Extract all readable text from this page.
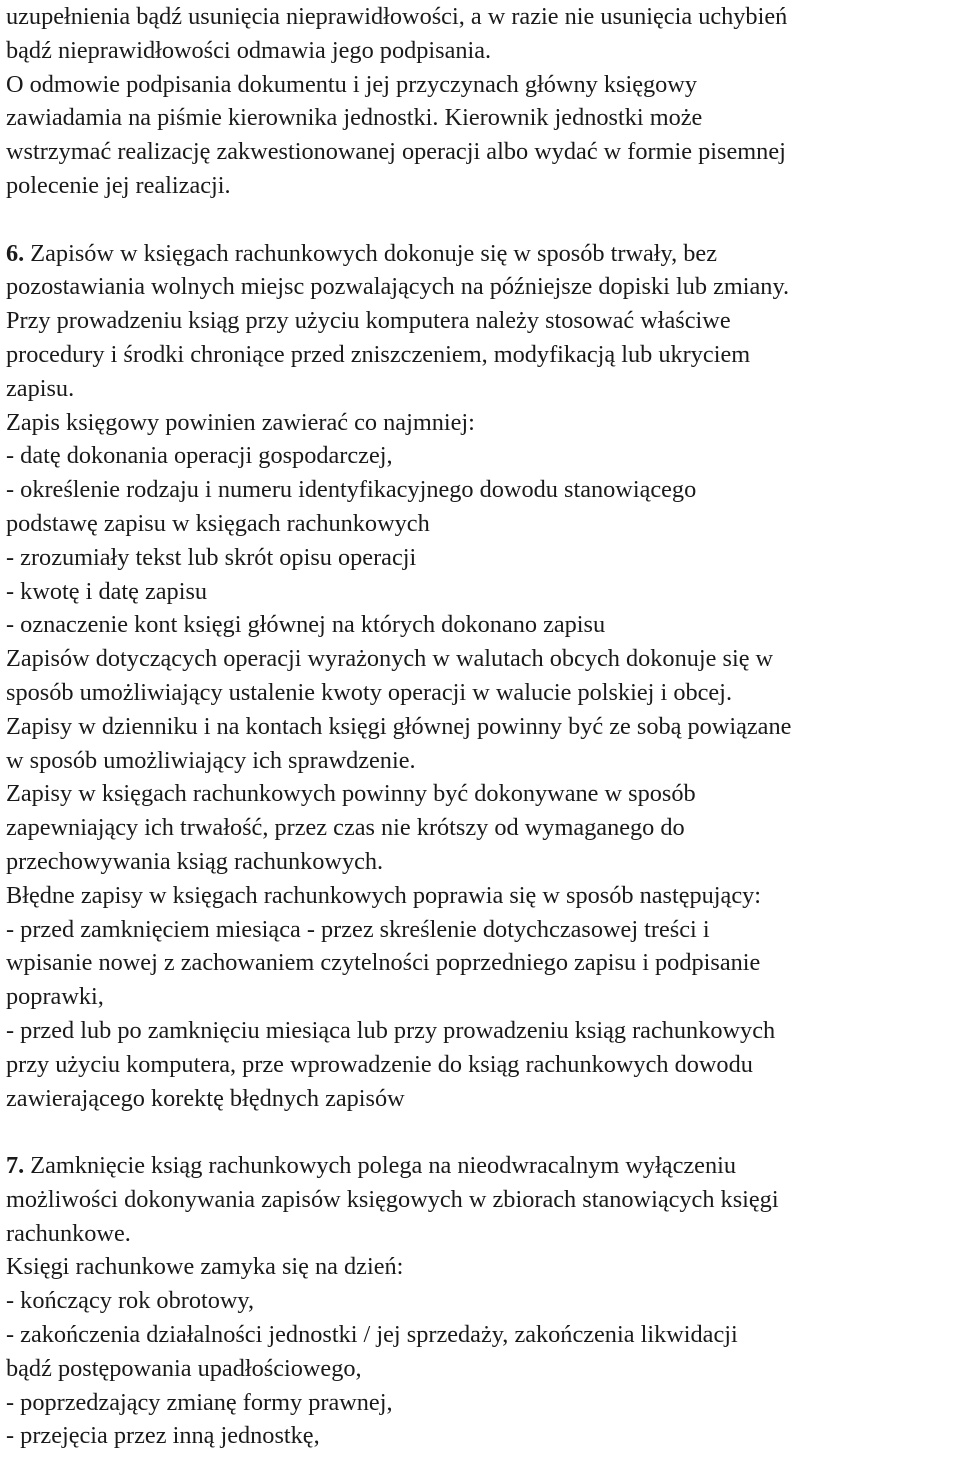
uzupełnienia bądź usunięcia nieprawidłowości, a w razie nie usunięcia uchybień
bądź nieprawidłowości odmawia jego podpisania.
O odmowie podpisania dokumentu i jej przyczynach główny księgowy
zawiadamia na piśmie kierownika jednostki. Kierownik jednostki może
wstrzymać realizację zakwestionowanej operacji albo wydać w formie pisemnej
polecenie jej realizacji.
6. Zapisów w księgach rachunkowych dokonuje się w sposób trwały, bez
pozostawiania wolnych miejsc pozwalających na późniejsze dopiski lub zmiany.
Przy prowadzeniu ksiąg przy użyciu komputera należy stosować właściwe
procedury i środki chroniące przed zniszczeniem, modyfikacją lub ukryciem
zapisu.
Zapis księgowy powinien zawierać co najmniej:
- datę dokonania operacji gospodarczej,
- określenie rodzaju i numeru identyfikacyjnego dowodu stanowiącego
podstawę zapisu w księgach rachunkowych
- zrozumiały tekst lub skrót opisu operacji
- kwotę i datę zapisu
- oznaczenie kont księgi głównej na których dokonano zapisu
Zapisów dotyczących operacji wyrażonych w walutach obcych dokonuje się w
sposób umożliwiający ustalenie kwoty operacji w walucie polskiej i obcej.
Zapisy w dzienniku i na kontach księgi głównej powinny być ze sobą powiązane
w sposób umożliwiający ich sprawdzenie.
Zapisy w księgach rachunkowych powinny być dokonywane w sposób
zapewniający ich trwałość, przez czas nie krótszy od wymaganego do
przechowywania ksiąg rachunkowych.
Błędne zapisy w księgach rachunkowych poprawia się w sposób następujący:
- przed zamknięciem miesiąca - przez skreślenie dotychczasowej treści i
wpisanie nowej z zachowaniem czytelności poprzedniego zapisu i podpisanie
poprawki,
- przed lub po zamknięciu miesiąca lub przy prowadzeniu ksiąg rachunkowych
przy użyciu komputera, prze wprowadzenie do ksiąg rachunkowych dowodu
zawierającego korektę błędnych zapisów
7. Zamknięcie ksiąg rachunkowych polega na nieodwracalnym wyłączeniu
możliwości dokonywania zapisów księgowych w zbiorach stanowiących księgi
rachunkowe.
Księgi rachunkowe zamyka się na dzień:
- kończący rok obrotowy,
- zakończenia działalności jednostki / jej sprzedaży, zakończenia likwidacji
bądź postępowania upadłościowego,
- poprzedzający zmianę formy prawnej,
- przejęcia przez inną jednostkę,
